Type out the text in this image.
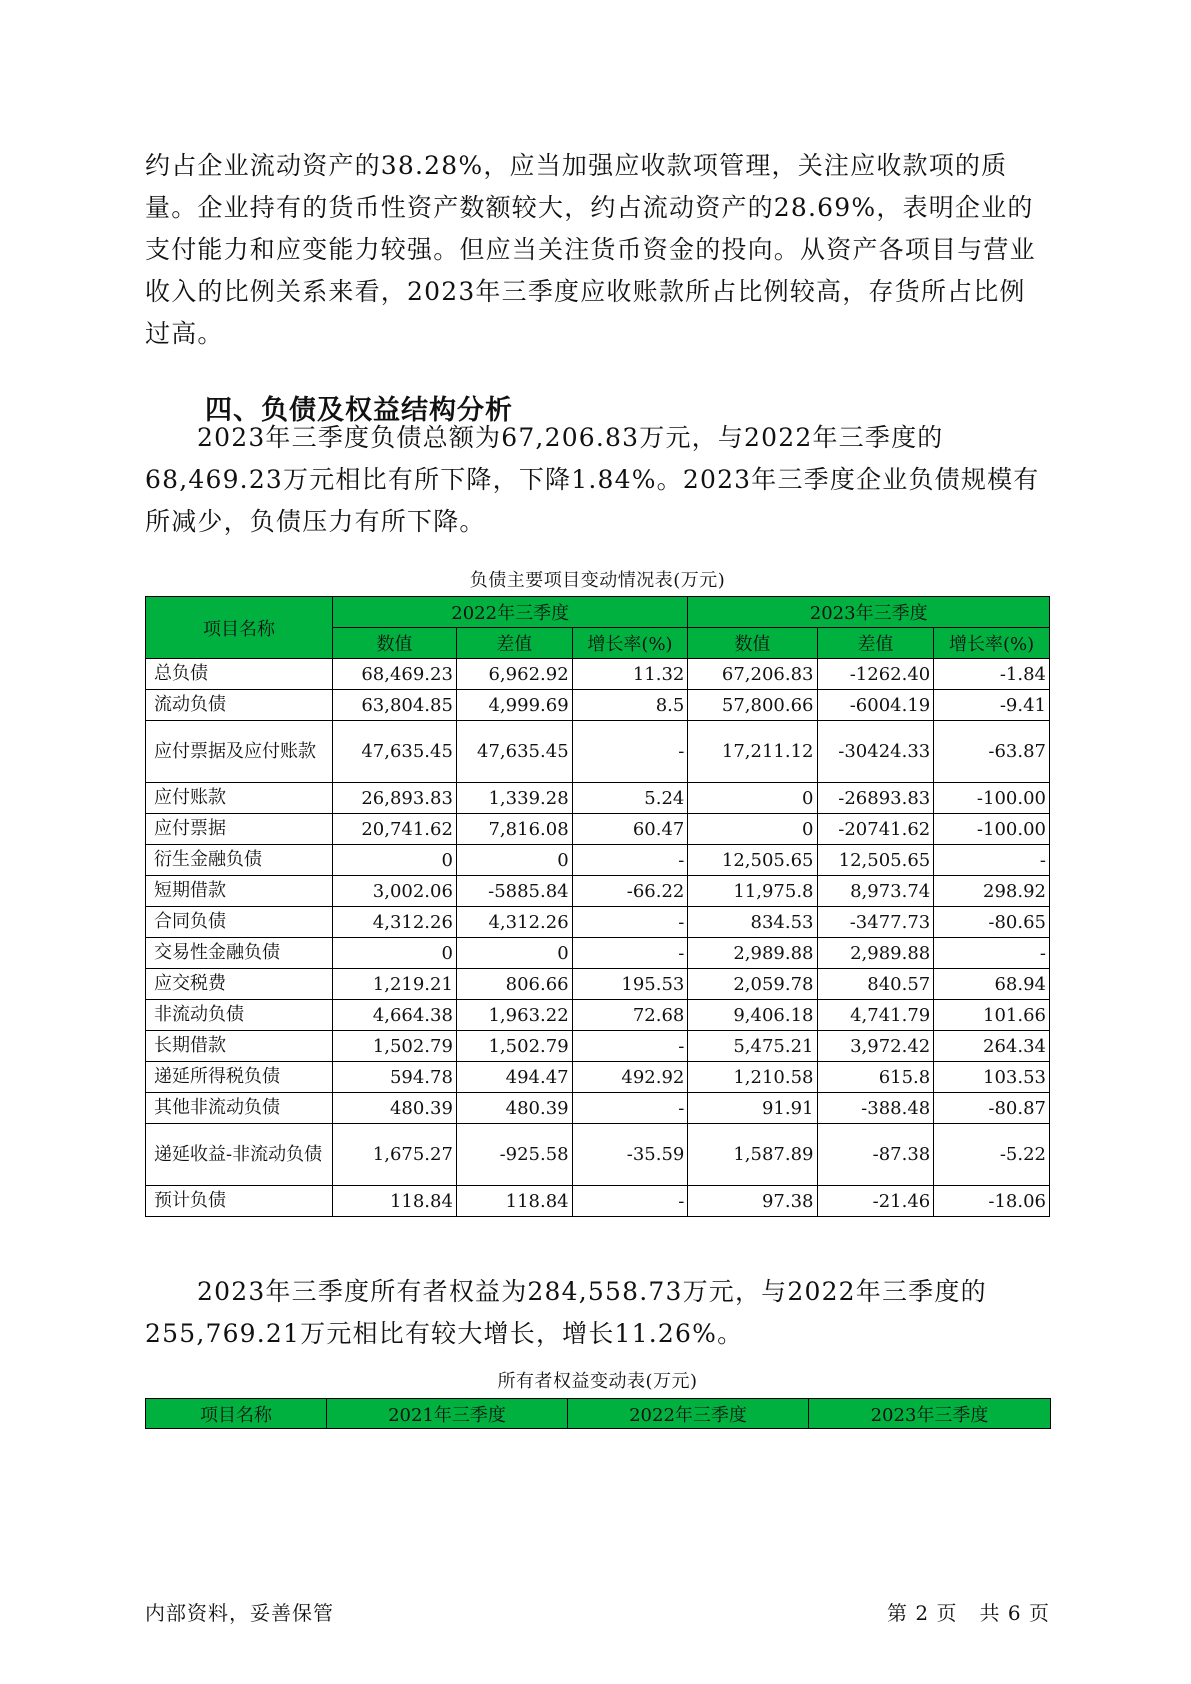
约占企业流动资产的38.28%，应当加强应收款项管理，关注应收款项的质量。企业持有的货币性资产数额较大，约占流动资产的28.69%，表明企业的支付能力和应变能力较强。但应当关注货币资金的投向。从资产各项目与营业收入的比例关系来看，2023年三季度应收账款所占比例较高，存货所占比例过高。

四、负债及权益结构分析

2023年三季度负债总额为67,206.83万元，与2022年三季度的68,469.23万元相比有所下降，下降1.84%。2023年三季度企业负债规模有所减少，负债压力有所下降。

负债主要项目变动情况表(万元)
项目名称	2022年三季度			2023年三季度		
	数值	差值	增长率(%)	数值	差值	增长率(%)
总负债	68,469.23	6,962.92	11.32	67,206.83	-1262.40	-1.84
流动负债	63,804.85	4,999.69	8.5	57,800.66	-6004.19	-9.41
应付票据及应付账款	47,635.45	47,635.45	-	17,211.12	-30424.33	-63.87
应付账款	26,893.83	1,339.28	5.24	0	-26893.83	-100.00
应付票据	20,741.62	7,816.08	60.47	0	-20741.62	-100.00
衍生金融负债	0	0	-	12,505.65	12,505.65	-
短期借款	3,002.06	-5885.84	-66.22	11,975.8	8,973.74	298.92
合同负债	4,312.26	4,312.26	-	834.53	-3477.73	-80.65
交易性金融负债	0	0	-	2,989.88	2,989.88	-
应交税费	1,219.21	806.66	195.53	2,059.78	840.57	68.94
非流动负债	4,664.38	1,963.22	72.68	9,406.18	4,741.79	101.66
长期借款	1,502.79	1,502.79	-	5,475.21	3,972.42	264.34
递延所得税负债	594.78	494.47	492.92	1,210.58	615.8	103.53
其他非流动负债	480.39	480.39	-	91.91	-388.48	-80.87
递延收益-非流动负债	1,675.27	-925.58	-35.59	1,587.89	-87.38	-5.22
预计负债	118.84	118.84	-	97.38	-21.46	-18.06

2023年三季度所有者权益为284,558.73万元，与2022年三季度的255,769.21万元相比有较大增长，增长11.26%。

所有者权益变动表(万元)
项目名称	2021年三季度	2022年三季度	2023年三季度
内部资料，妥善保管	第 2 页   共 6 页
